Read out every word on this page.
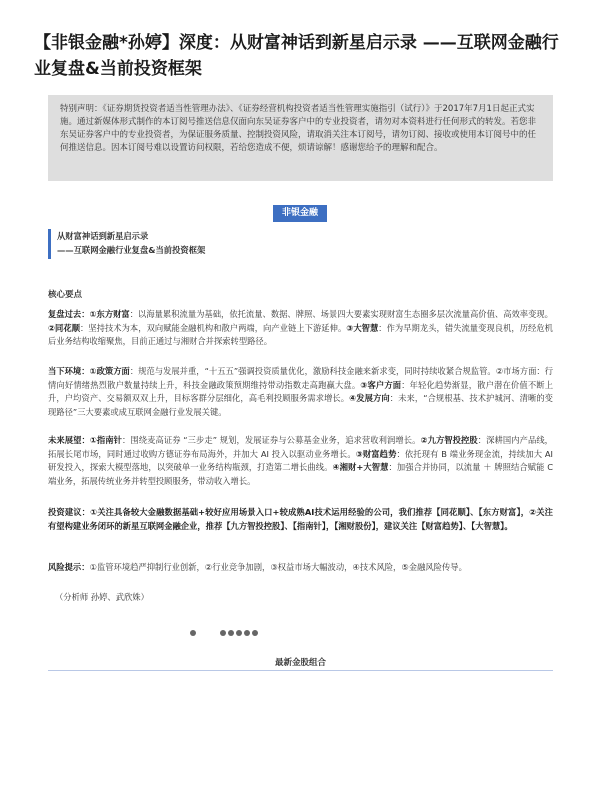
【非银金融*孙婷】深度：从财富神话到新星启示录 ——互联网金融行业复盘&当前投资框架
特别声明：《证券期货投资者适当性管理办法》、《证券经营机构投资者适当性管理实施指引（试行）》于2017年7月1日起正式实施。通过新媒体形式制作的本订阅号推送信息仅面向东吴证券客户中的专业投资者，请勿对本资料进行任何形式的转发。若您非东吴证券客户中的专业投资者，为保证服务质量、控制投资风险，请取消关注本订阅号，请勿订阅、接收或使用本订阅号中的任何推送信息。因本订阅号难以设置访问权限，若给您造成不便，烦请谅解！感谢您给予的理解和配合。
非银金融
从财富神话到新星启示录
——互联网金融行业复盘&当前投资框架
核心要点
复盘过去：①东方财富：以海量累积流量为基础，依托流量、数据、牌照、场景四大要素实现财富生态圈多层次流量高价值、高效率变现。②同花顺：坚持技术为本，双向赋能金融机构和散户两端，向产业链上下游延伸。③大智慧：作为早期龙头，错失流量变现良机，历经危机后业务结构收缩聚焦，目前正通过与湘财合并探索转型路径。
当下环境：①政策方面：规范与发展并重，“十五五”强调投资质量优化，激励科技金融来新求变，同时持续收紧合规监管。②市场方面：行情向好情绪热烈散户数量持续上升，科技金融政策预期维持带动指数走高跑赢大盘。③客户方面：年轻化趋势渐显，散户潜在价值不断上升，户均资产、交易额双双上升，目标客群分层细化，高毛利投顾服务需求增长。④发展方向：未来，“合规根基、技术护城河、清晰的变现路径”三大要素或成互联网金融行业发展关键。
未来展望：①指南针：围绕麦高证券 “三步走” 规划，发展证券与公募基金业务，追求营收利润增长。②九方智投控股：深耕国内产品线，拓展长尾市场，同时通过收购方德证券布局海外，并加大 AI 投入以驱动业务增长。③财富趋势：依托现有 B 端业务现金流，持续加大 AI 研发投入，探索大模型落地，以突破单一业务结构瓶颈，打造第二增长曲线。④湘财+大智慧：加强合并协同，以流量 ＋ 牌照结合赋能 C 端业务，拓展传统业务并转型投顾服务，带动收入增长。
投资建议：①关注具备较大金融数据基础+较好应用场景入口+较成熟AI技术运用经验的公司，我们推荐【同花顺】、【东方财富】，②关注有望构建业务闭环的新星互联网金融企业，推荐【九方智投控股】、【指南针】，【湘财股份】，建议关注【财富趋势】、【大智慧】。
风险提示：①监管环境趋严抑制行业创新，②行业竞争加剧，③权益市场大幅波动，④技术风险，⑤金融风险传导。
（分析师 孙婷、武欣姝）
最新金股组合
